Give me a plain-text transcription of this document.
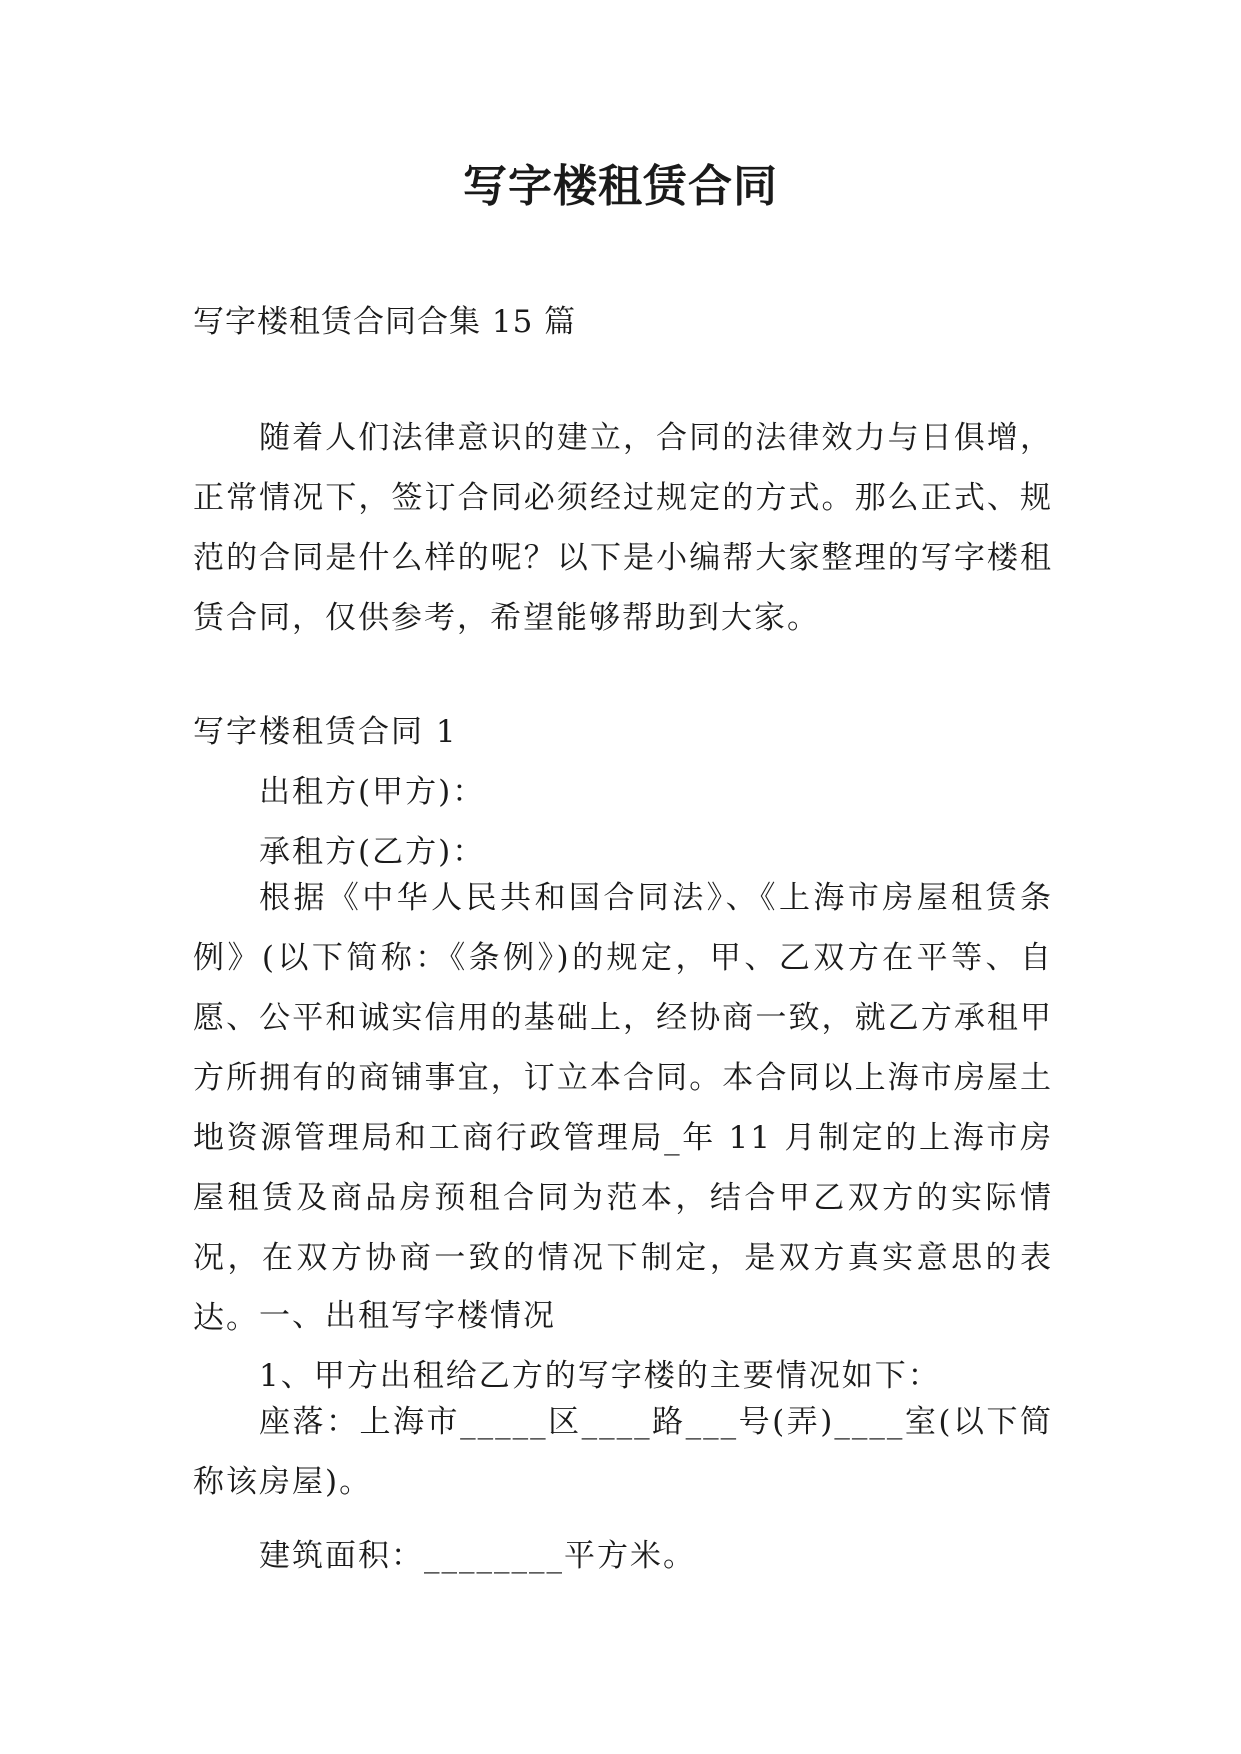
写字楼租赁合同
写字楼租赁合同合集 15 篇
随着人们法律意识的建立，合同的法律效力与日俱增，正常情况下，签订合同必须经过规定的方式。那么正式、规范的合同是什么样的呢？以下是小编帮大家整理的写字楼租赁合同，仅供参考，希望能够帮助到大家。
写字楼租赁合同 1
出租方(甲方)：
承租方(乙方)：
根据《中华人民共和国合同法》、《上海市房屋租赁条例》(以下简称：《条例》)的规定，甲、乙双方在平等、自愿、公平和诚实信用的基础上，经协商一致，就乙方承租甲方所拥有的商铺事宜，订立本合同。本合同以上海市房屋土地资源管理局和工商行政管理局_年 11 月制定的上海市房屋租赁及商品房预租合同为范本，结合甲乙双方的实际情况，在双方协商一致的情况下制定，是双方真实意思的表达。 一、出租写字楼情况
1、甲方出租给乙方的写字楼的主要情况如下：
座落：上海市_____区____路___号(弄)____室(以下简称该房屋)。
建筑面积：________平方米。
